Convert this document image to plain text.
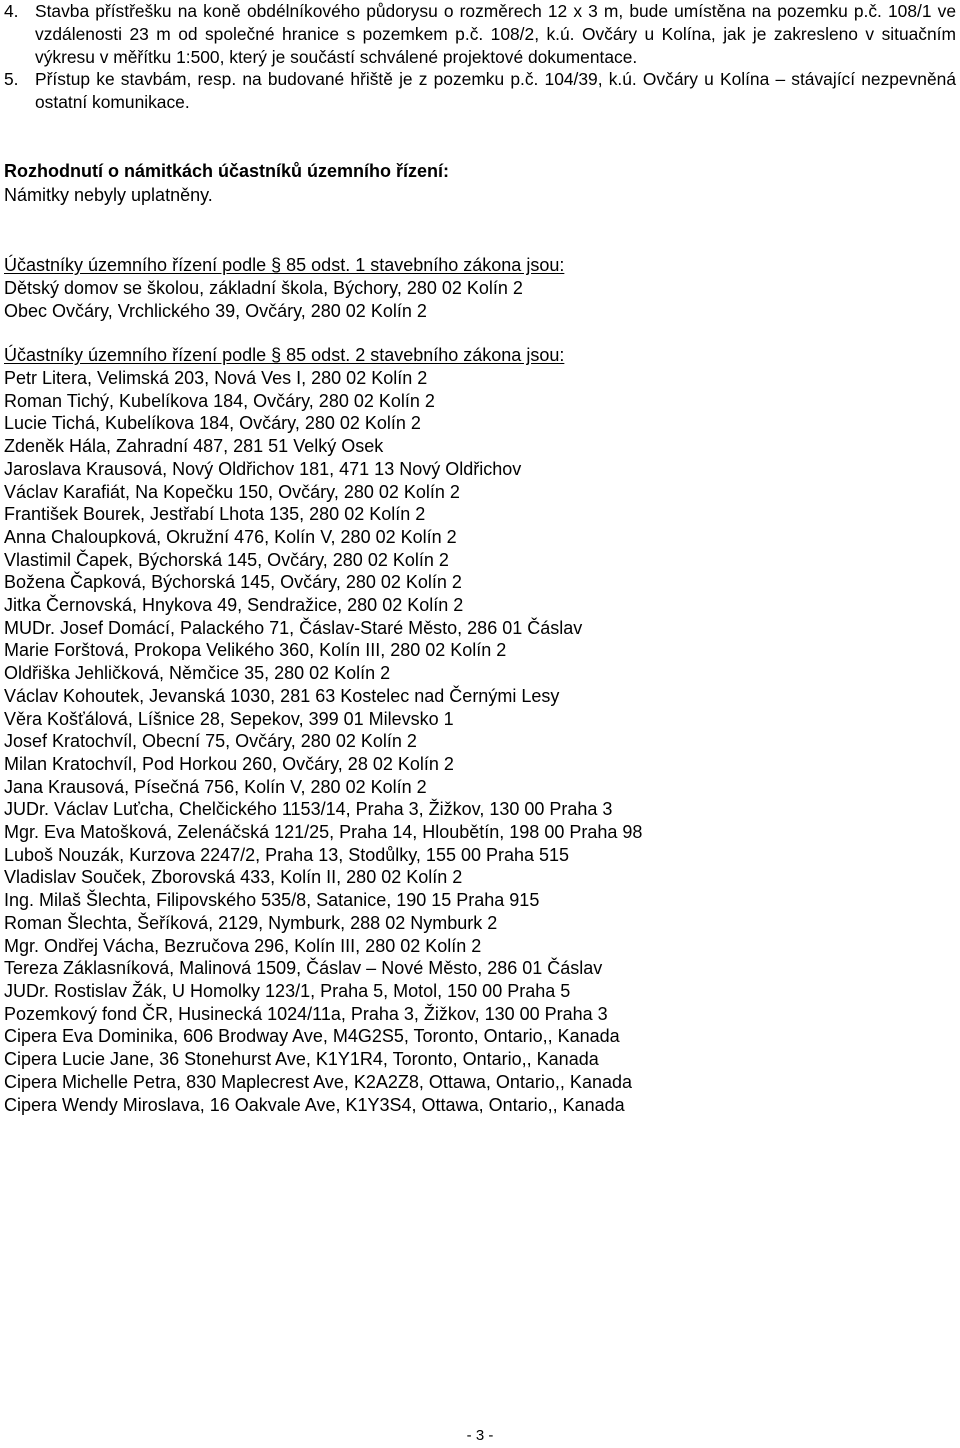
4. Stavba přístřešku na koně obdélníkového půdorysu o rozměrech 12 x 3 m, bude umístěna na pozemku p.č. 108/1 ve vzdálenosti 23 m od společné hranice s pozemkem p.č. 108/2, k.ú. Ovčáry u Kolína, jak je zakresleno v situačním výkresu v měřítku 1:500, který je součástí schválené projektové dokumentace.
5. Přístup ke stavbám, resp. na budované hřiště je z pozemku p.č. 104/39, k.ú. Ovčáry u Kolína – stávající nezpevněná ostatní komunikace.

Rozhodnutí o námitkách účastníků územního řízení:

Námitky nebyly uplatněny.

Účastníky územního řízení podle § 85 odst. 1 stavebního zákona jsou:
Dětský domov se školou, základní škola, Býchory, 280 02 Kolín 2
Obec Ovčáry, Vrchlického 39, Ovčáry, 280 02 Kolín 2
Účastníky územního řízení podle § 85 odst. 2 stavebního zákona jsou:
Petr Litera, Velimská 203, Nová Ves I, 280 02 Kolín 2
Roman Tichý, Kubelíkova 184, Ovčáry, 280 02 Kolín 2
Lucie Tichá, Kubelíkova 184, Ovčáry, 280 02 Kolín 2
Zdeněk Hála, Zahradní 487, 281 51 Velký Osek
Jaroslava Krausová, Nový Oldřichov 181, 471 13 Nový Oldřichov
Václav Karafiát, Na Kopečku 150, Ovčáry, 280 02 Kolín 2
František Bourek, Jestřabí Lhota 135, 280 02 Kolín 2
Anna Chaloupková, Okružní 476, Kolín V, 280 02 Kolín 2
Vlastimil Čapek, Býchorská 145, Ovčáry, 280 02 Kolín 2
Božena Čapková, Býchorská 145, Ovčáry, 280 02 Kolín 2
Jitka Černovská, Hnykova 49, Sendražice, 280 02 Kolín 2
MUDr. Josef Domácí, Palackého 71, Čáslav-Staré Město, 286 01 Čáslav
Marie Forštová, Prokopa Velikého 360, Kolín III, 280 02 Kolín 2
Oldřiška Jehličková, Němčice 35, 280 02 Kolín 2
Václav Kohoutek, Jevanská 1030, 281 63 Kostelec nad Černými Lesy
Věra Košťálová, Líšnice 28, Sepekov, 399 01 Milevsko 1
Josef Kratochvíl, Obecní 75, Ovčáry, 280 02 Kolín 2
Milan Kratochvíl, Pod Horkou 260, Ovčáry, 28 02 Kolín 2
Jana Krausová, Písečná 756, Kolín V, 280 02 Kolín 2
JUDr. Václav Luťcha, Chelčického 1153/14, Praha 3, Žižkov, 130 00 Praha 3
Mgr. Eva Matošková, Zelenáčská 121/25, Praha 14, Hloubětín, 198 00 Praha 98
Luboš Nouzák, Kurzova 2247/2, Praha 13, Stodůlky, 155 00 Praha 515
Vladislav Souček, Zborovská 433, Kolín II, 280 02 Kolín 2
Ing. Milaš Šlechta, Filipovského 535/8, Satanice, 190 15 Praha 915
Roman Šlechta, Šeříková, 2129, Nymburk, 288 02 Nymburk 2
Mgr. Ondřej Vácha, Bezručova 296, Kolín III, 280 02 Kolín 2
Tereza Záklasníková, Malinová 1509, Čáslav – Nové Město, 286 01 Čáslav
JUDr. Rostislav Žák, U Homolky 123/1, Praha 5, Motol, 150 00 Praha 5
Pozemkový fond ČR, Husinecká 1024/11a, Praha 3, Žižkov, 130 00 Praha 3
Cipera Eva Dominika, 606 Brodway Ave, M4G2S5, Toronto, Ontario,, Kanada
Cipera Lucie Jane, 36 Stonehurst Ave, K1Y1R4, Toronto, Ontario,, Kanada
Cipera Michelle Petra, 830 Maplecrest Ave, K2A2Z8, Ottawa, Ontario,, Kanada
Cipera Wendy Miroslava, 16 Oakvale Ave, K1Y3S4, Ottawa, Ontario,, Kanada
- 3 -
